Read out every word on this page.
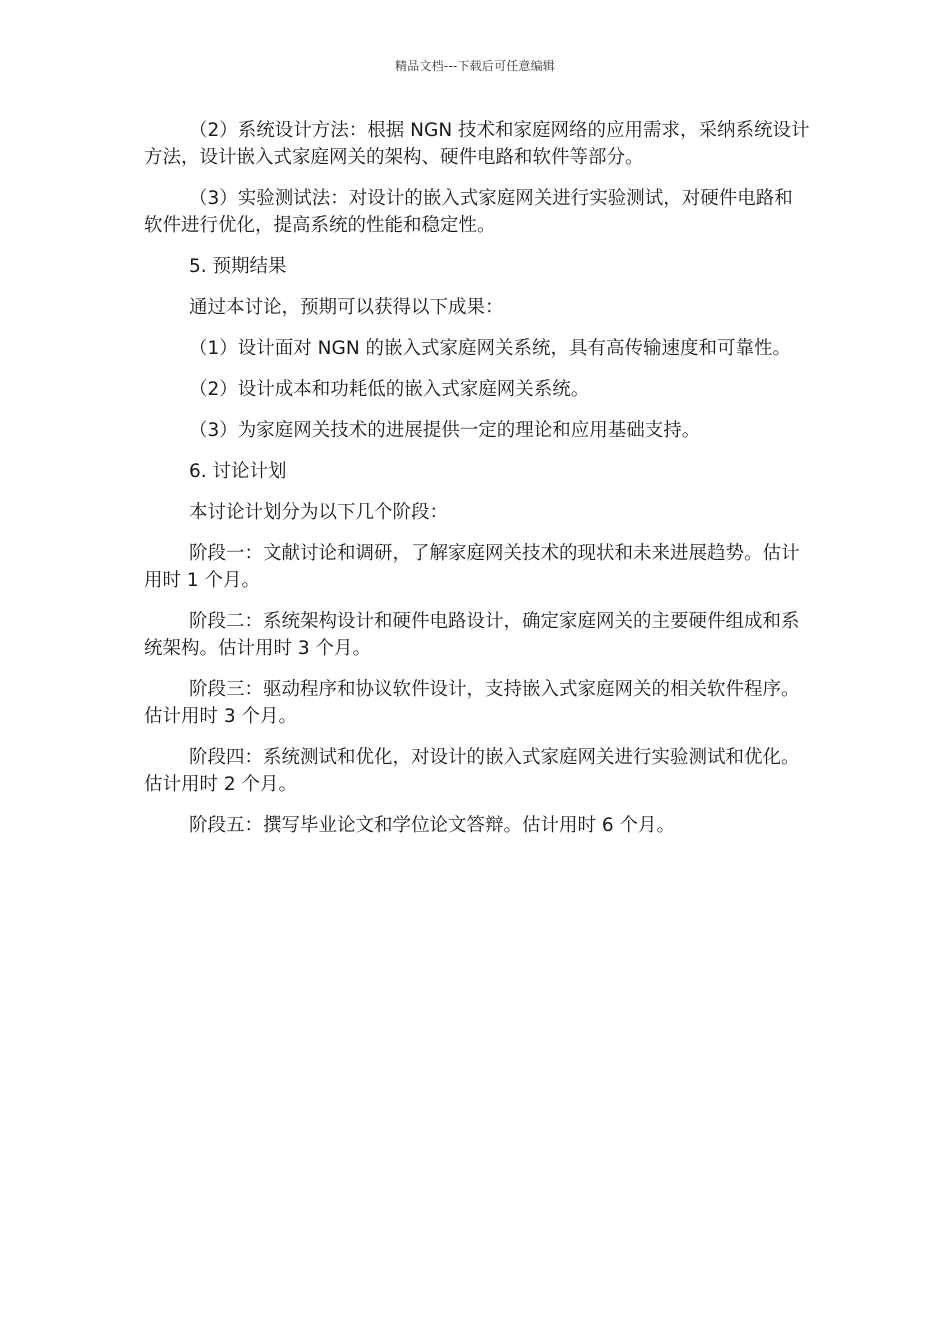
精品文档---下载后可任意编辑

（2）系统设计方法：根据 NGN 技术和家庭网络的应用需求，采纳系统设计方法，设计嵌入式家庭网关的架构、硬件电路和软件等部分。

（3）实验测试法：对设计的嵌入式家庭网关进行实验测试，对硬件电路和软件进行优化，提高系统的性能和稳定性。

5. 预期结果

通过本讨论，预期可以获得以下成果：

（1）设计面对 NGN 的嵌入式家庭网关系统，具有高传输速度和可靠性。

（2）设计成本和功耗低的嵌入式家庭网关系统。

（3）为家庭网关技术的进展提供一定的理论和应用基础支持。

6. 讨论计划

本讨论计划分为以下几个阶段：

阶段一：文献讨论和调研，了解家庭网关技术的现状和未来进展趋势。估计用时 1 个月。

阶段二：系统架构设计和硬件电路设计，确定家庭网关的主要硬件组成和系统架构。估计用时 3 个月。

阶段三：驱动程序和协议软件设计，支持嵌入式家庭网关的相关软件程序。估计用时 3 个月。

阶段四：系统测试和优化，对设计的嵌入式家庭网关进行实验测试和优化。估计用时 2 个月。

阶段五：撰写毕业论文和学位论文答辩。估计用时 6 个月。
